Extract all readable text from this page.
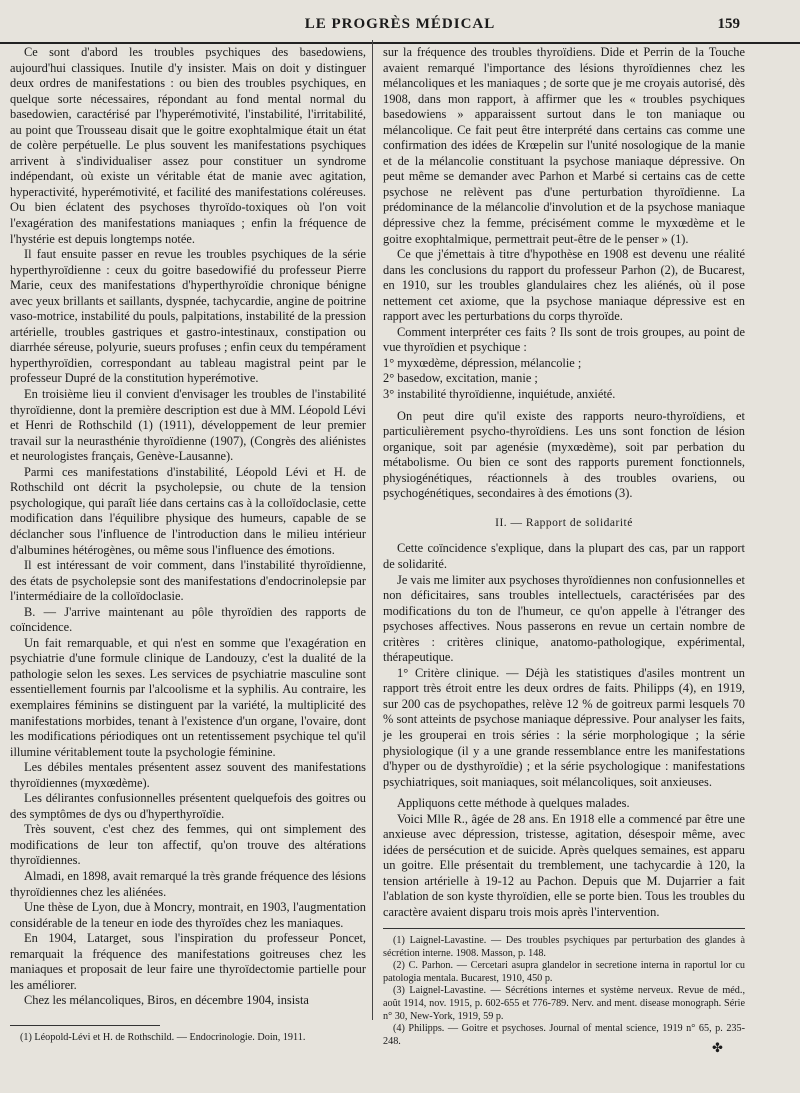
LE PROGRÈS MÉDICAL	159

Ce sont d'abord les troubles psychiques des basedowiens, aujourd'hui classiques. Inutile d'y insister. Mais on doit y distinguer deux ordres de manifestations : ou bien des troubles psychiques, en quelque sorte nécessaires, répondant au fond mental normal du basedowien, caractérisé par l'hyperémotivité, l'instabilité, l'irritabilité, au point que Trousseau disait que le goitre exophtalmique était un état de colère perpétuelle. Le plus souvent les manifestations psychiques arrivent à s'individualiser assez pour constituer un syndrome indépendant, où existe un véritable état de manie avec agitation, hyperactivité, hyperémotivité, et facilité des manifestations coléreuses. Ou bien éclatent des psychoses thyroïdo-toxiques où l'on voit l'exagération des manifestations maniaques ; enfin la fréquence de l'hystérie est depuis longtemps notée.

Il faut ensuite passer en revue les troubles psychiques de la série hyperthyroïdienne : ceux du goitre basedowifié du professeur Pierre Marie, ceux des manifestations d'hyperthyroïdie chronique bénigne avec yeux brillants et saillants, dyspnée, tachycardie, angine de poitrine vaso-motrice, instabilité du pouls, palpitations, instabilité de la pression artérielle, troubles gastriques et gastro-intestinaux, constipation ou diarrhée séreuse, polyurie, sueurs profuses ; enfin ceux du tempérament hyperthyroïdien, correspondant au tableau magistral peint par le professeur Dupré de la constitution hyperémotive.

En troisième lieu il convient d'envisager les troubles de l'instabilité thyroïdienne, dont la première description est due à MM. Léopold Lévi et Henri de Rothschild (1) (1911), développement de leur premier travail sur la neurasthénie thyroïdienne (1907), (Congrès des aliénistes et neurologistes français, Genève-Lausanne).

Parmi ces manifestations d'instabilité, Léopold Lévi et H. de Rothschild ont décrit la psycholepsie, ou chute de la tension psychologique, qui paraît liée dans certains cas à la colloïdoclasie, cette modification dans l'équilibre physique des humeurs, capable de se déclancher sous l'influence de l'introduction dans le milieu intérieur d'albumines hétérogènes, ou même sous l'influence des émotions.

Il est intéressant de voir comment, dans l'instabilité thyroïdienne, des états de psycholepsie sont des manifestations d'endocrinolepsie par l'intermédiaire de la colloïdoclasie.

B. — J'arrive maintenant au pôle thyroïdien des rapports de coïncidence.

Un fait remarquable, et qui n'est en somme que l'exagération en psychiatrie d'une formule clinique de Landouzy, c'est la dualité de la pathologie selon les sexes. Les services de psychiatrie masculine sont essentiellement fournis par l'alcoolisme et la syphilis. Au contraire, les exemplaires féminins se distinguent par la variété, la multiplicité des manifestations morbides, tenant à l'existence d'un organe, l'ovaire, dont les modifications périodiques ont un retentissement psychique tel qu'il illumine véritablement toute la psychologie féminine.

Les débiles mentales présentent assez souvent des manifestations thyroïdiennes (myxœdème).

Les délirantes confusionnelles présentent quelquefois des goitres ou des symptômes de dys ou d'hyperthyroïdie.

Très souvent, c'est chez des femmes, qui ont simplement des modifications de leur ton affectif, qu'on trouve des altérations thyroïdiennes.

Almadi, en 1898, avait remarqué la très grande fréquence des lésions thyroïdiennes chez les aliénées.

Une thèse de Lyon, due à Moncry, montrait, en 1903, l'augmentation considérable de la teneur en iode des thyroïdes chez les maniaques.

En 1904, Latarget, sous l'inspiration du professeur Poncet, remarquait la fréquence des manifestations goitreuses chez les maniaques et proposait de leur faire une thyroïdectomie partielle pour les améliorer.

Chez les mélancoliques, Biros, en décembre 1904, insista

(1) Léopold-Lévi et H. de Rothschild. — Endocrinologie. Doin, 1911.

sur la fréquence des troubles thyroïdiens. Dide et Perrin de la Touche avaient remarqué l'importance des lésions thyroïdiennes chez les mélancoliques et les maniaques ; de sorte que je me croyais autorisé, dès 1908, dans mon rapport, à affirmer que les « troubles psychiques basedowiens » apparaissent surtout dans le ton maniaque ou mélancolique. Ce fait peut être interprété dans certains cas comme une confirmation des idées de Krœpelin sur l'unité nosologique de la manie et de la mélancolie constituant la psychose maniaque dépressive. On peut même se demander avec Parhon et Marbé si certains cas de cette psychose ne relèvent pas d'une perturbation thyroïdienne. La prédominance de la mélancolie d'involution et de la psychose maniaque dépressive chez la femme, précisément comme le myxœdème et le goitre exophtalmique, permettrait peut-être de le penser » (1).

Ce que j'émettais à titre d'hypothèse en 1908 est devenu une réalité dans les conclusions du rapport du professeur Parhon (2), de Bucarest, en 1910, sur les troubles glandulaires chez les aliénés, où il pose nettement cet axiome, que la psychose maniaque dépressive est en rapport avec les perturbations du corps thyroïde.

Comment interpréter ces faits ? Ils sont de trois groupes, au point de vue thyroïdien et psychique :

1° myxœdème, dépression, mélancolie ;

2° basedow, excitation, manie ;

3° instabilité thyroïdienne, inquiétude, anxiété.

On peut dire qu'il existe des rapports neuro-thyroïdiens, et particulièrement psycho-thyroïdiens. Les uns sont fonction de lésion organique, soit par agenésie (myxœdème), soit par perbation du métabolisme. Ou bien ce sont des rapports purement fonctionnels, physiogénétiques, réactionnels à des troubles ovariens, ou psychogénétiques, secondaires à des émotions (3).

II. — Rapport de solidarité

Cette coïncidence s'explique, dans la plupart des cas, par un rapport de solidarité.

Je vais me limiter aux psychoses thyroïdiennes non confusionnelles et non déficitaires, sans troubles intellectuels, caractérisées par des modifications du ton de l'humeur, ce qu'on appelle à l'étranger des psychoses affectives. Nous passerons en revue un certain nombre de critères : critères clinique, anatomo-pathologique, expérimental, thérapeutique.

1° Critère clinique. — Déjà les statistiques d'asiles montrent un rapport très étroit entre les deux ordres de faits. Philipps (4), en 1919, sur 200 cas de psychopathes, relève 12 % de goitreux parmi lesquels 70 % sont atteints de psychose maniaque dépressive. Pour analyser les faits, je les grouperai en trois séries : la série morphologique ; la série physiologique (il y a une grande ressemblance entre les manifestations d'hyper ou de dysthyroïdie) ; et la série psychologique : manifestations psychiatriques, soit maniaques, soit mélancoliques, soit anxieuses.

Appliquons cette méthode à quelques malades.

Voici Mlle R., âgée de 28 ans. En 1918 elle a commencé par être une anxieuse avec dépression, tristesse, agitation, désespoir même, avec idées de persécution et de suicide. Après quelques semaines, est apparu un goitre. Elle présentait du tremblement, une tachycardie à 120, la tension artérielle à 19-12 au Pachon. Depuis que M. Dujarrier a fait l'ablation de son kyste thyroïdien, elle se porte bien. Tous les troubles du caractère avaient disparu trois mois après l'intervention.

(1) Laignel-Lavastine. — Des troubles psychiques par perturbation des glandes à sécrétion interne. 1908. Masson, p. 148.

(2) C. Parhon. — Cercetari asupra glandelor in secretione interna in raportul lor cu patologia mentala. Bucarest, 1910, 450 p.

(3) Laignel-Lavastine. — Sécrétions internes et système nerveux. Revue de méd., août 1914, nov. 1915, p. 602-655 et 776-789. Nerv. and ment. disease monograph. Série n° 30, New-York, 1919, 59 p.

(4) Philipps. — Goitre et psychoses. Journal of mental science, 1919 n° 65, p. 235-248.	✤
